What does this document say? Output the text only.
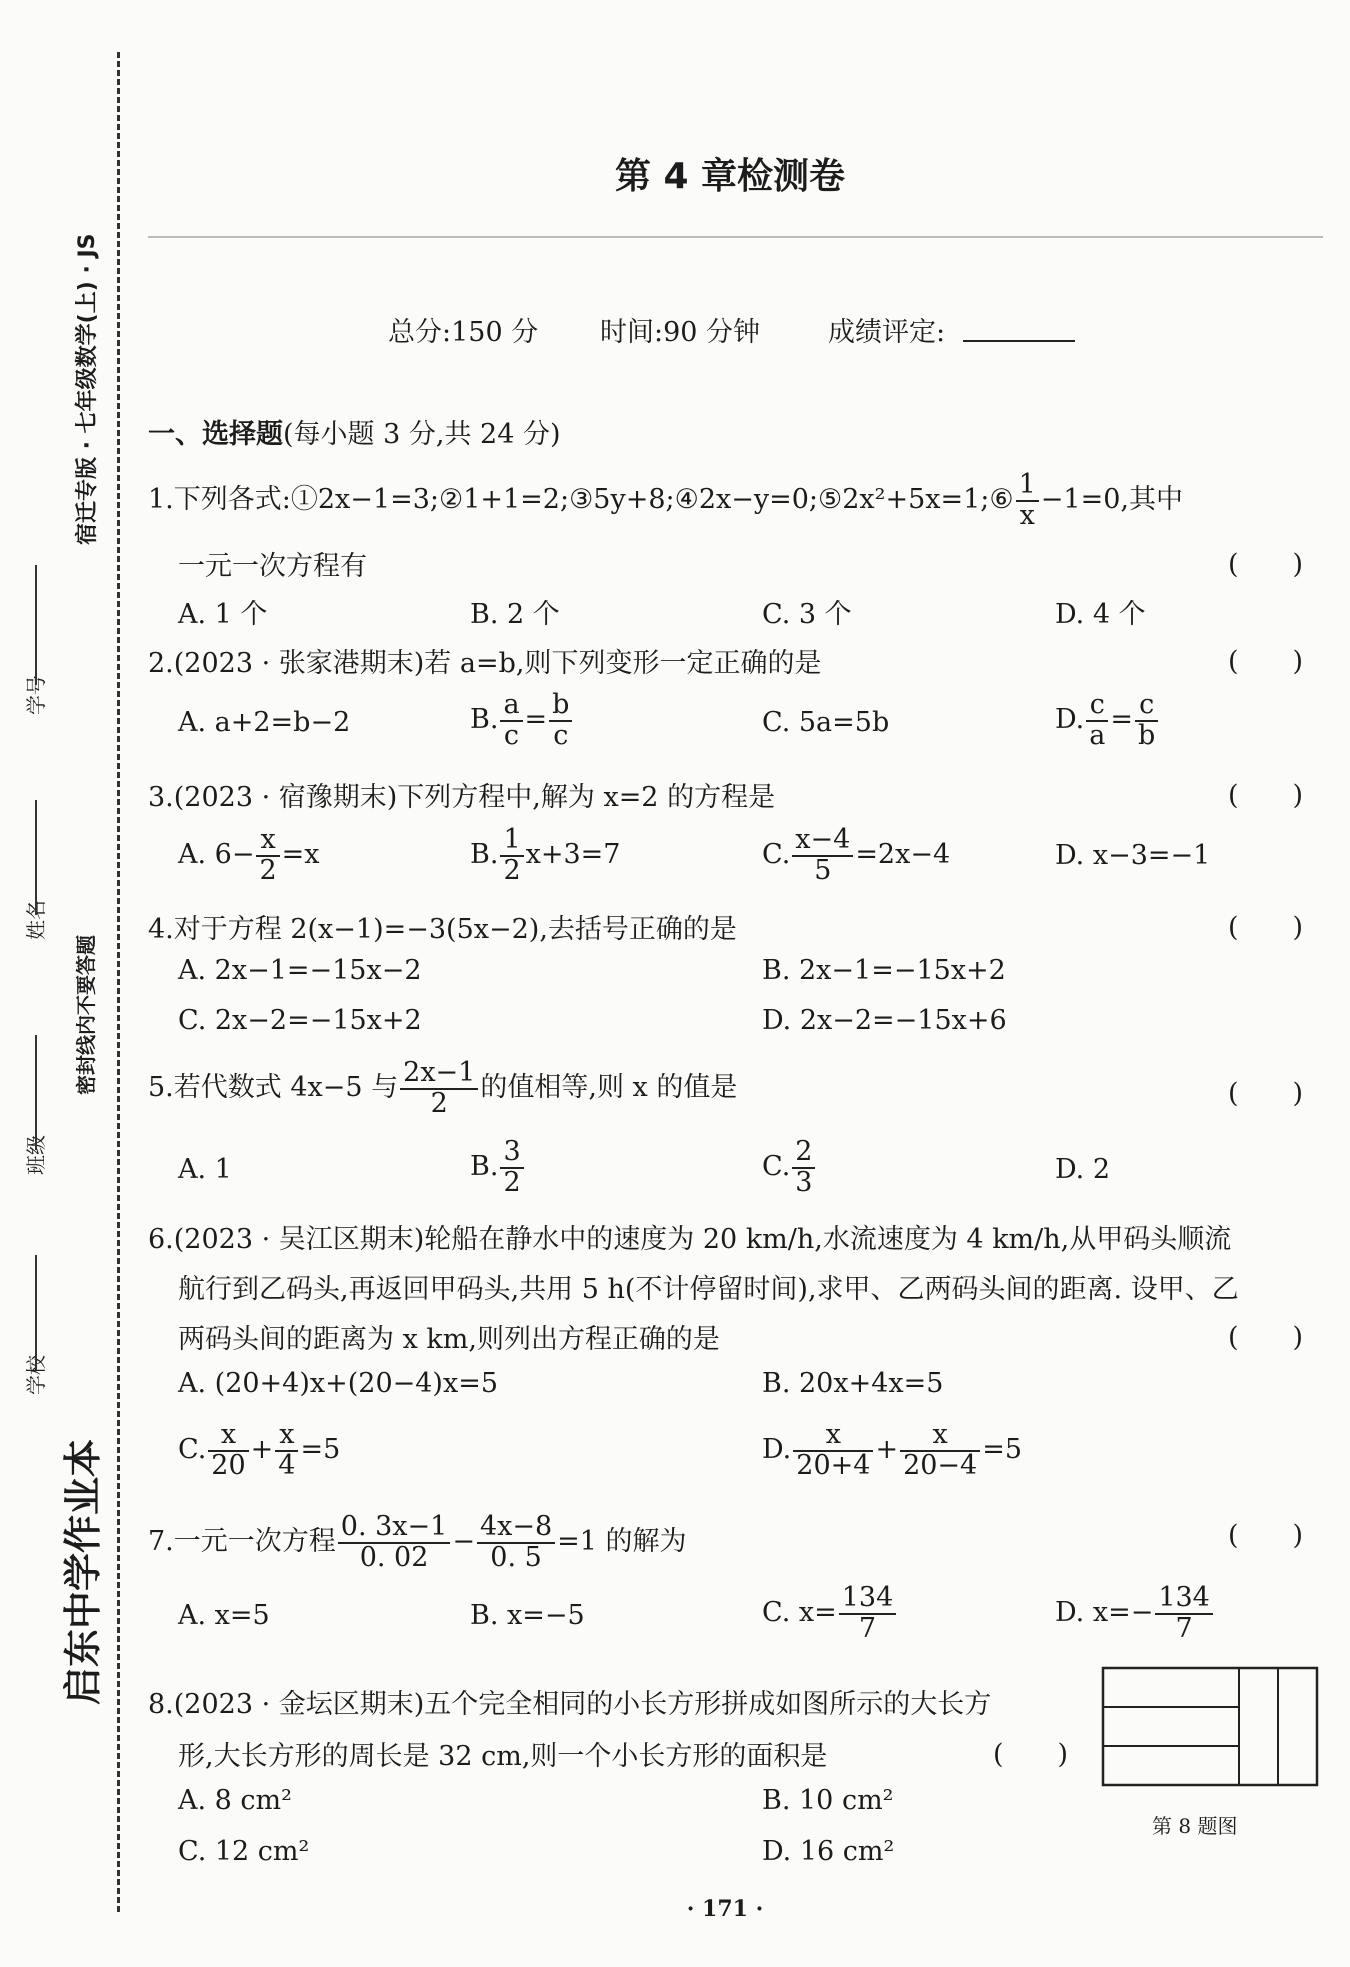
启东中学作业本
宿迁专版 · 七年级数学(上) · JS
密封线内不要答题
学校
班级
姓名
学号
第 4 章检测卷
总分:150 分 时间:90 分钟	成绩评定:
一、选择题(每小题 3 分,共 24 分)
1.下列各式:①2x−1=3;②1+1=2;③5y+8;④2x−y=0;⑤2x²+5x=1;⑥ $\frac{1}{x} -1=0$,其中
一元一次方程有	(　　)
A. 1 个	B. 2 个	C. 3 个	D. 4 个
2.(2023 · 张家港期末)若 a=b,则下列变形一定正确的是	(　　)
A. a+2=b−2	B. $\frac{a}{c} = \frac{b}{c}$	C. 5a=5b	D. $\frac{c}{a} = \frac{c}{b}$
3.(2023 · 宿豫期末)下列方程中,解为 x=2 的方程是	(　　)
A. $6- \frac{x}{2} =x$	B. $\frac{1}{2} x+3=7$	C. $\frac{x-4}{5} =2x-4$	D. x−3=−1
4.对于方程 2(x−1)=−3(5x−2),去括号正确的是	(　　)
A. 2x−1=−15x−2	B. 2x−1=−15x+2
C. 2x−2=−15x+2	D. 2x−2=−15x+6
5.若代数式 4x−5 与 $\frac{2x-1}{2}$ 的值相等,则 x 的值是	(　　)
A. 1	B. $\frac{3}{2}$	C. $\frac{2}{3}$	D. 2
6.(2023 · 吴江区期末)轮船在静水中的速度为 20 km/h,水流速度为 4 km/h,从甲码头顺流
航行到乙码头,再返回甲码头,共用 5 h(不计停留时间),求甲、乙两码头间的距离. 设甲、乙
两码头间的距离为 x km,则列出方程正确的是	(　　)
A. (20+4)x+(20−4)x=5	B. 20x+4x=5
C. $\frac{x}{20} + \frac{x}{4} =5$	D. $\frac{x}{20+4} + \frac{x}{20-4} =5$
7.一元一次方程 $\frac{0. 3x-1}{0. 02} - \frac{4x-8}{0. 5} =1$ 的解为	(　　)
A. x=5	B. x=−5	C. $x= \frac{134}{7}$	D. $x=- \frac{134}{7}$
8.(2023 · 金坛区期末)五个完全相同的小长方形拼成如图所示的大长方
形,大长方形的周长是 32 cm,则一个小长方形的面积是	(　　)
A. 8 cm²	B. 10 cm²
C. 12 cm²	D. 16 cm²
第 8 题图
· 171 ·
